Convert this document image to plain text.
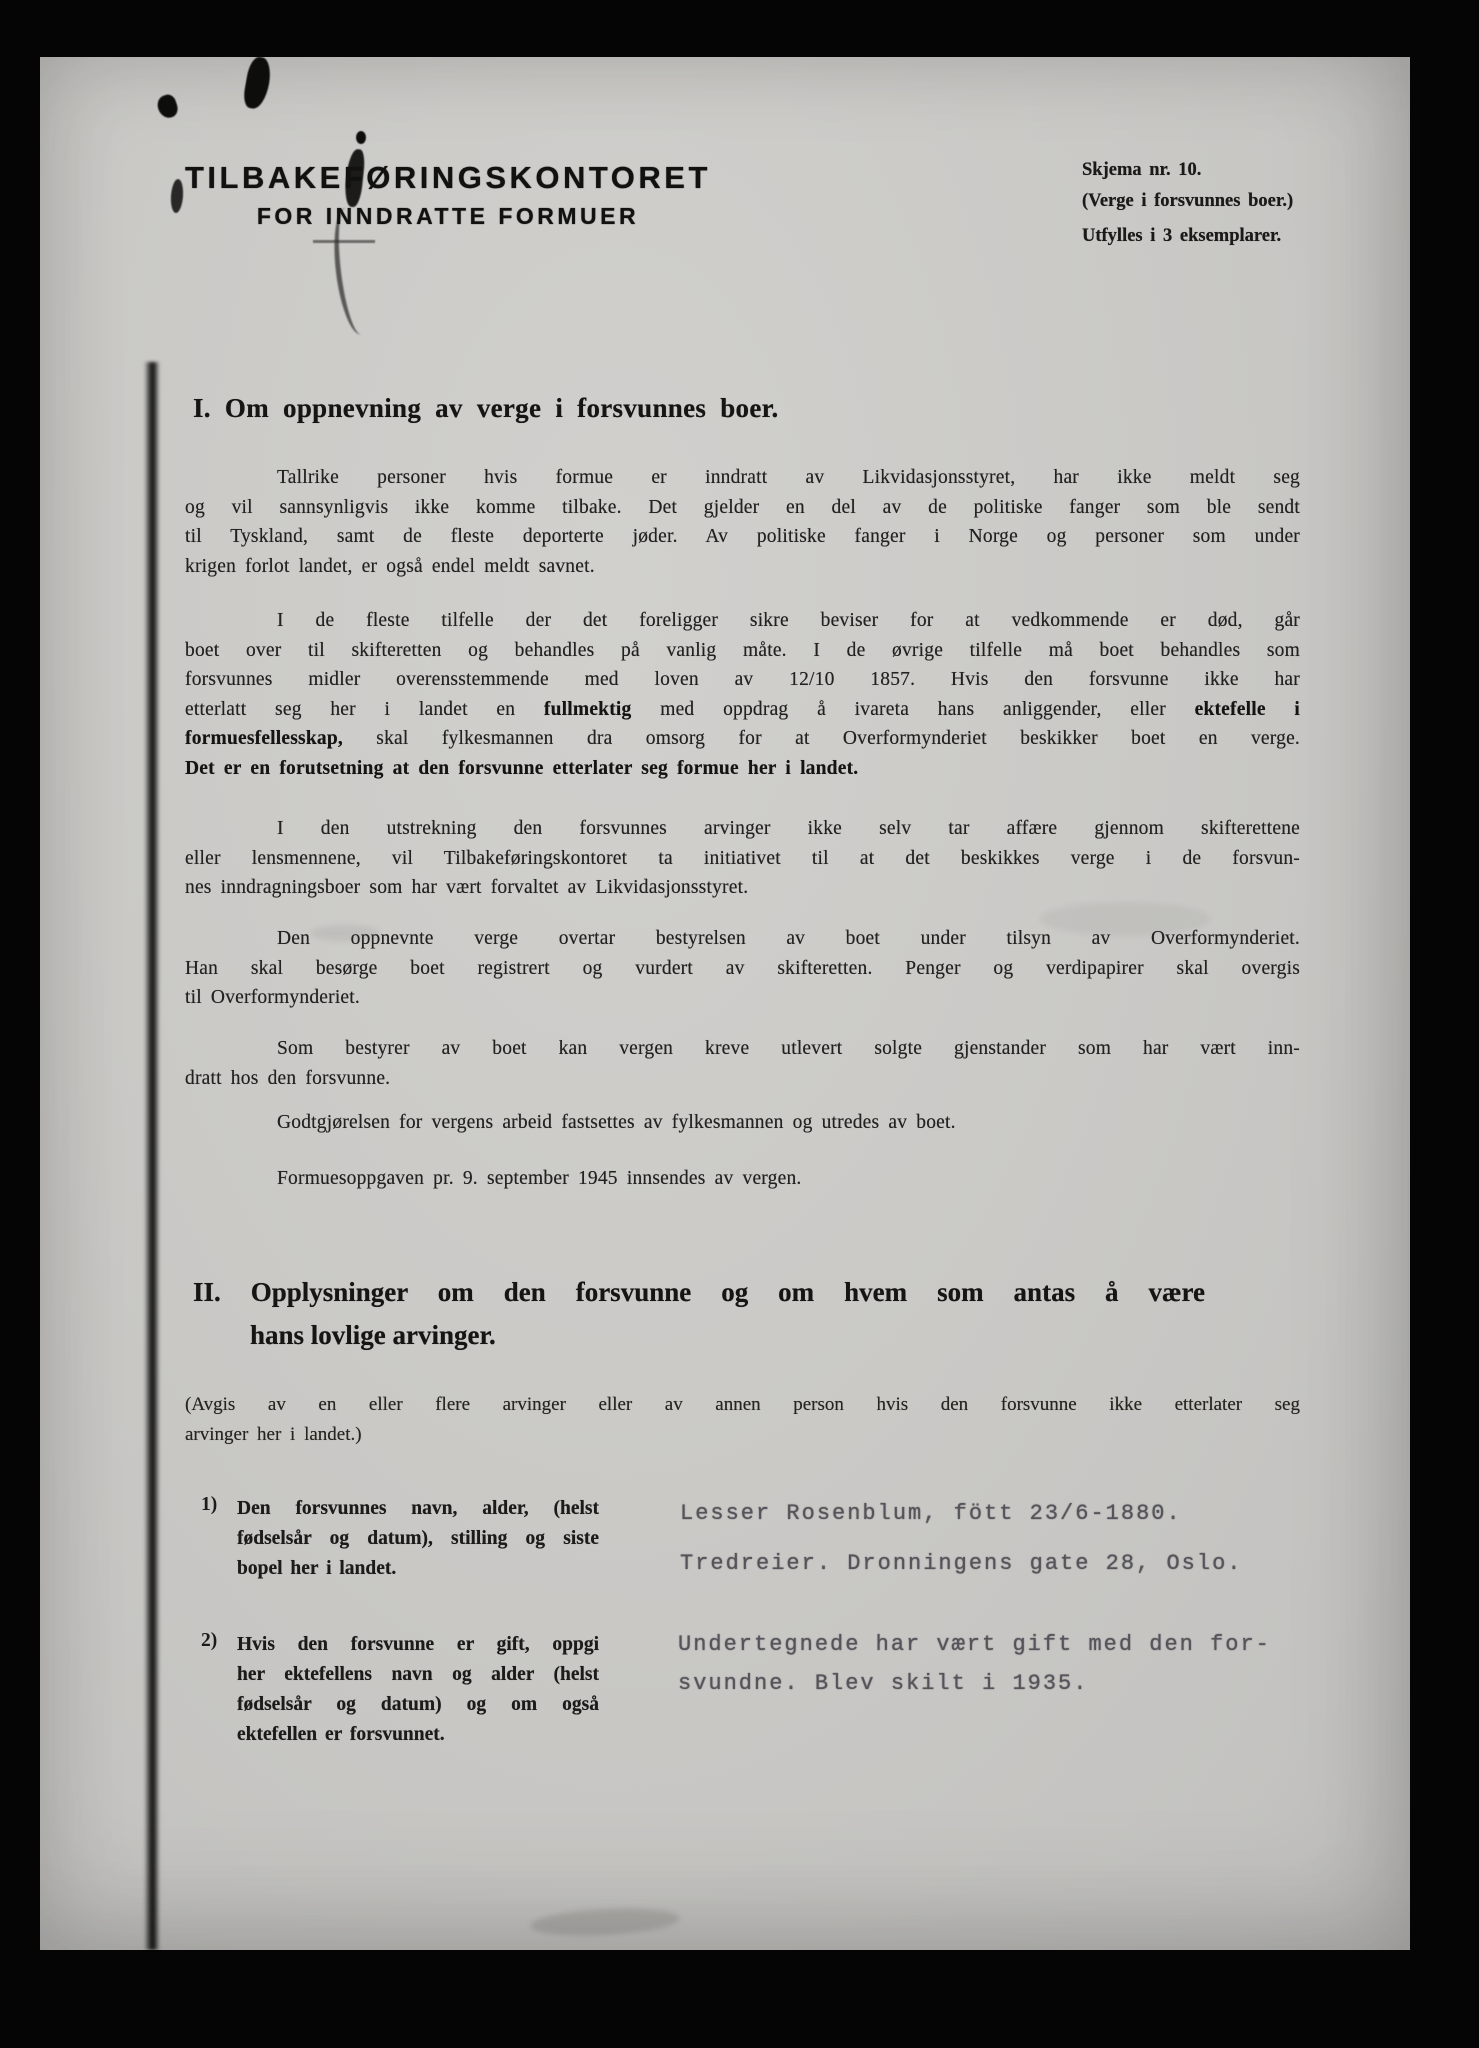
TILBAKEFØRINGSKONTORET
FOR INNDRATTE FORMUER
Skjema nr. 10.
(Verge i forsvunnes boer.)
Utfylles i 3 eksemplarer.
I. Om oppnevning av verge i forsvunnes boer.
Tallrike personer hvis formue er inndratt av Likvidasjonsstyret, har ikke meldt seg
og vil sannsynligvis ikke komme tilbake. Det gjelder en del av de politiske fanger som ble sendt
til Tyskland, samt de fleste deporterte jøder. Av politiske fanger i Norge og personer som under
krigen forlot landet, er også endel meldt savnet.
I de fleste tilfelle der det foreligger sikre beviser for at vedkommende er død, går
boet over til skifteretten og behandles på vanlig måte. I de øvrige tilfelle må boet behandles som
forsvunnes midler overensstemmende med loven av 12/10 1857. Hvis den forsvunne ikke har
etterlatt seg her i landet en fullmektig med oppdrag å ivareta hans anliggender, eller ektefelle i
formuesfellesskap, skal fylkesmannen dra omsorg for at Overformynderiet beskikker boet en verge.
Det er en forutsetning at den forsvunne etterlater seg formue her i landet.
I den utstrekning den forsvunnes arvinger ikke selv tar affære gjennom skifterettene
eller lensmennene, vil Tilbakeføringskontoret ta initiativet til at det beskikkes verge i de forsvun-
nes inndragningsboer som har vært forvaltet av Likvidasjonsstyret.
Den oppnevnte verge overtar bestyrelsen av boet under tilsyn av Overformynderiet.
Han skal besørge boet registrert og vurdert av skifteretten. Penger og verdipapirer skal overgis
til Overformynderiet.
Som bestyrer av boet kan vergen kreve utlevert solgte gjenstander som har vært inn-
dratt hos den forsvunne.
Godtgjørelsen for vergens arbeid fastsettes av fylkesmannen og utredes av boet.
Formuesoppgaven pr. 9. september 1945 innsendes av vergen.
II. Opplysninger om den forsvunne og om hvem som antas å være
hans lovlige arvinger.
(Avgis av en eller flere arvinger eller av annen person hvis den forsvunne ikke etterlater seg
arvinger her i landet.)
1) Den forsvunnes navn, alder, (helst
fødselsår og datum), stilling og siste
bopel her i landet.
Lesser Rosenblum, fött 23/6-1880.
Tredreier. Dronningens gate 28, Oslo.
2) Hvis den forsvunne er gift, oppgi
her ektefellens navn og alder (helst
fødselsår og datum) og om også
ektefellen er forsvunnet.
Undertegnede har vært gift med den for-
svundne. Blev skilt i 1935.
